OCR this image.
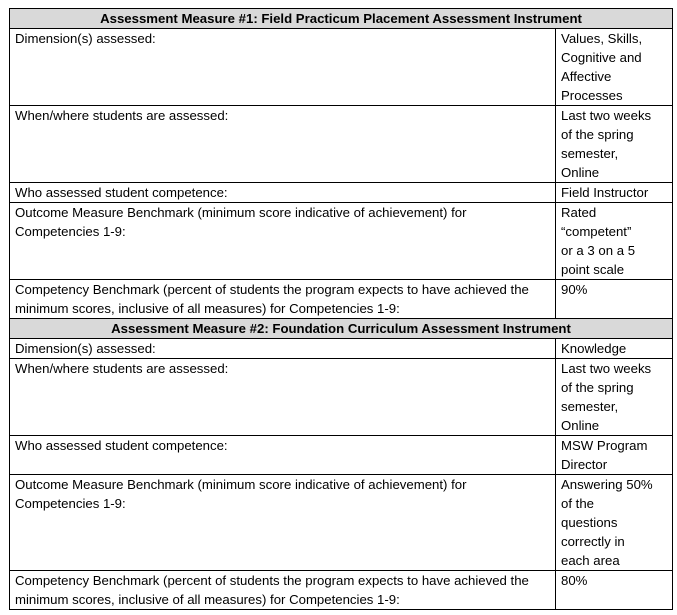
Assessment Measure #1: Field Practicum Placement Assessment Instrument	
Dimension(s) assessed:	Values, Skills,
Cognitive and
Affective
Processes

When/where students are assessed:	Last two weeks
of the spring
semester,
Online

Who assessed student competence:	Field Instructor

Outcome Measure Benchmark (minimum score indicative of achievement) for Competencies 1-9:	Rated
“competent”
or a 3 on a 5
point scale

Competency Benchmark (percent of students the program expects to have achieved the minimum scores, inclusive of all measures) for Competencies 1-9:	90%

Assessment Measure #2: Foundation Curriculum Assessment Instrument	
Dimension(s) assessed:	Knowledge

When/where students are assessed:	Last two weeks
of the spring
semester,
Online

Who assessed student competence:	MSW Program
Director

Outcome Measure Benchmark (minimum score indicative of achievement) for Competencies 1-9:	Answering 50%
of the
questions
correctly in
each area

Competency Benchmark (percent of students the program expects to have achieved the minimum scores, inclusive of all measures) for Competencies 1-9:	80%
